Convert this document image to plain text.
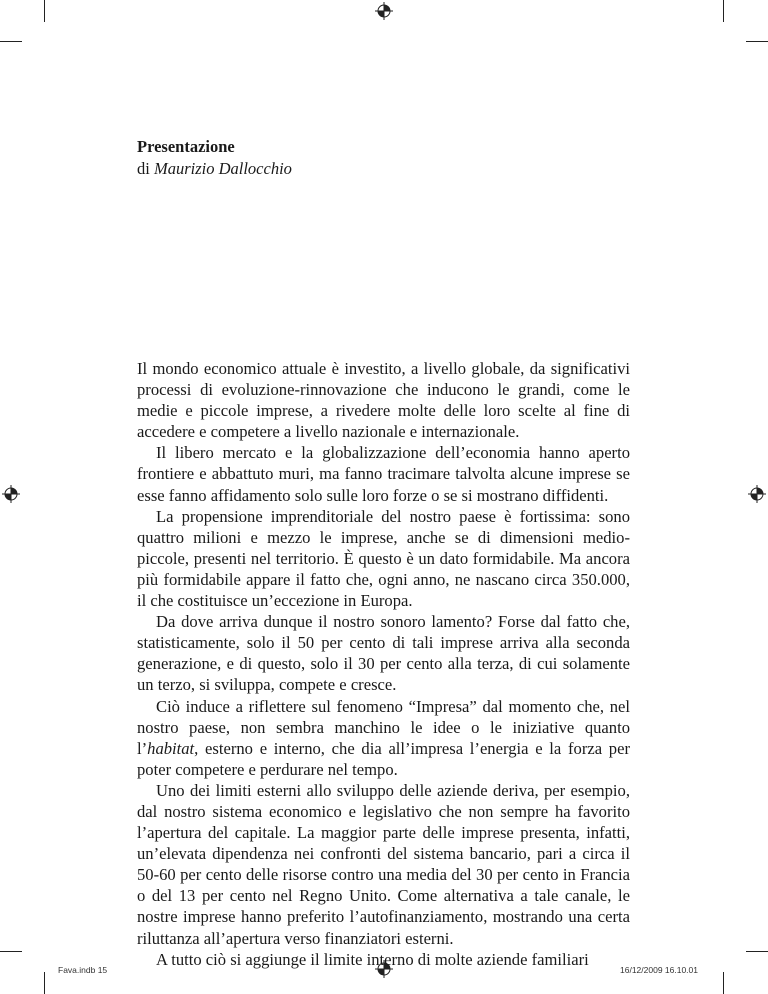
Presentazione
di Maurizio Dallocchio

Il mondo economico attuale è investito, a livello globale, da significativi processi di evoluzione-rinnovazione che inducono le grandi, come le medie e piccole imprese, a rivedere molte delle loro scelte al fine di accedere e competere a livello nazionale e internazionale.

Il libero mercato e la globalizzazione dell’economia hanno aperto frontiere e abbattuto muri, ma fanno tracimare talvolta alcune imprese se esse fanno affidamento solo sulle loro forze o se si mostrano diffidenti.

La propensione imprenditoriale del nostro paese è fortissima: sono quattro milioni e mezzo le imprese, anche se di dimensioni medio-piccole, presenti nel territorio. È questo è un dato formidabile. Ma ancora più formidabile appare il fatto che, ogni anno, ne nascano circa 350.000, il che costituisce un’eccezione in Europa.

Da dove arriva dunque il nostro sonoro lamento? Forse dal fatto che, statisticamente, solo il 50 per cento di tali imprese arriva alla seconda generazione, e di questo, solo il 30 per cento alla terza, di cui solamente un terzo, si sviluppa, compete e cresce.

Ciò induce a riflettere sul fenomeno “Impresa” dal momento che, nel nostro paese, non sembra manchino le idee o le iniziative quanto l’habitat, esterno e interno, che dia all’impresa l’energia e la forza per poter competere e perdurare nel tempo.

Uno dei limiti esterni allo sviluppo delle aziende deriva, per esempio, dal nostro sistema economico e legislativo che non sempre ha favorito l’apertura del capitale. La maggior parte delle imprese presenta, infatti, un’elevata dipendenza nei confronti del sistema bancario, pari a circa il 50-60 per cento delle risorse contro una media del 30 per cento in Francia o del 13 per cento nel Regno Unito. Come alternativa a tale canale, le nostre imprese hanno preferito l’autofinanziamento, mostrando una certa riluttanza all’apertura verso finanziatori esterni.

A tutto ciò si aggiunge il limite interno di molte aziende familiari

Fava.indb 15	16/12/2009 16.10.01
